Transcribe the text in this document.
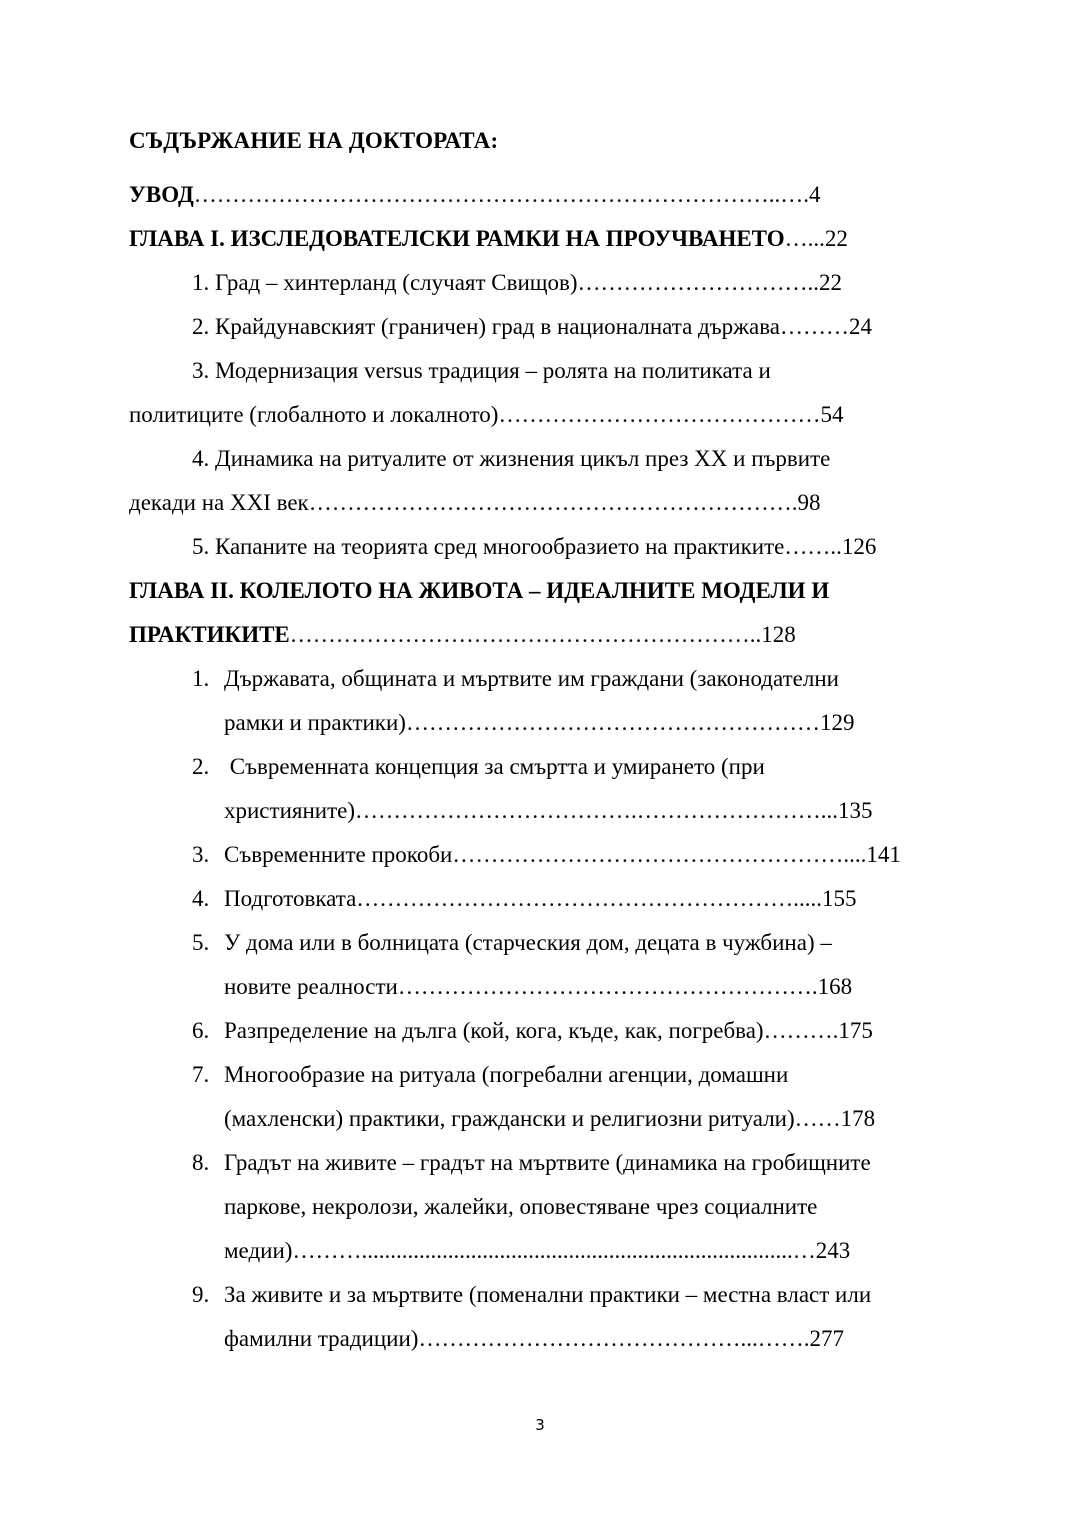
СЪДЪРЖАНИЕ НА ДОКТОРАТА:
УВОД…………………………………………………………………..….4
ГЛАВА I. ИЗСЛЕДОВАТЕЛСКИ РАМКИ НА ПРОУЧВАНЕТО…...22
1. Град – хинтерланд (случаят Свищов)…………………………..22
2. Крайдунавският (граничен) град в националната държава………24
3. Модернизация versus традиция – ролята на политиката и
политиците (глобалното и локалното)……………………………………54
4. Динамика на ритуалите от жизнения цикъл през XX и първите
декади на XXI век……………………………………………………….98
5. Капаните на теорията сред многообразието на практиките……..126
ГЛАВА II. КОЛЕЛОТО НА ЖИВОТА – ИДЕАЛНИТЕ МОДЕЛИ И
ПРАКТИКИТЕ……………………………………………………..128
1. Държавата, общината и мъртвите им граждани (законодателни
рамки и практики)………………………………………………129
2. Съвременната концепция за смъртта и умирането (при
християните)……………………………….……………………...135
3. Съвременните прокоби……………………………………………....141
4. Подготовката………………………………………………….....155
5. У дома или в болницата (старческия дом, децата в чужбина) –
новите реалности……………………………………………….168
6. Разпределение на дълга (кой, кога, къде, как, погребва)……….175
7. Многообразие на ритуала (погребални агенции, домашни
(махленски) практики, граждански и религиозни ритуали)……178
8. Градът на живите – градът на мъртвите (динамика на гробищните
паркове, некролози, жалейки, оповестяване чрез социалните
медии)………...........................................................................…243
9. За живите и за мъртвите (поменални практики – местна власт или
фамилни традиции)……………………………………...…….277
3
